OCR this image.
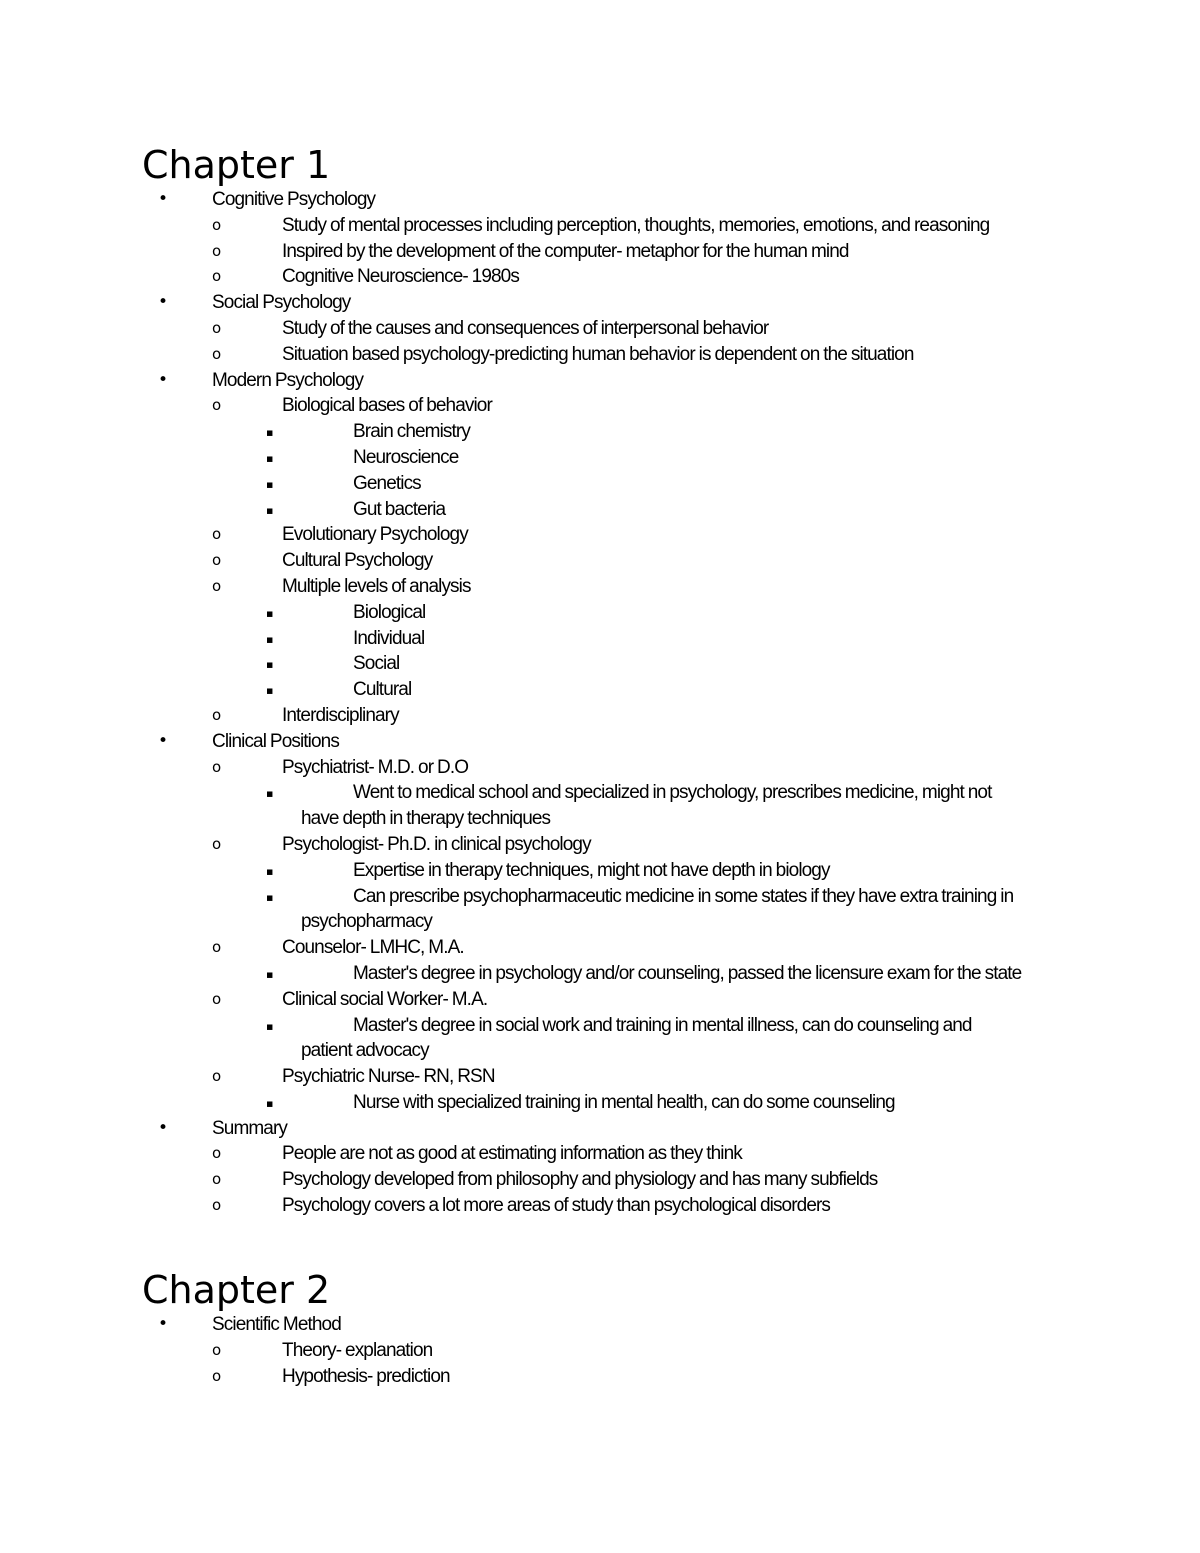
Chapter 1
• Cognitive Psychology
o	Study of mental processes including perception, thoughts, memories, emotions, and reasoning
o	Inspired by the development of the computer- metaphor for the human mind
o	Cognitive Neuroscience- 1980s
• Social Psychology
o	Study of the causes and consequences of interpersonal behavior
o	Situation based psychology-predicting human behavior is dependent on the situation
• Modern Psychology
o	Biological bases of behavior
▪	Brain chemistry
▪	Neuroscience
▪	Genetics
▪	Gut bacteria
o	Evolutionary Psychology
o	Cultural Psychology
o	Multiple levels of analysis
▪	Biological
▪	Individual
▪	Social
▪	Cultural
o	Interdisciplinary
• Clinical Positions
o	Psychiatrist- M.D. or D.O
▪	Went to medical school and specialized in psychology, prescribes medicine, might not
have depth in therapy techniques
o	Psychologist- Ph.D. in clinical psychology
▪	Expertise in therapy techniques, might not have depth in biology
▪	Can prescribe psychopharmaceutic medicine in some states if they have extra training in
psychopharmacy
o	Counselor- LMHC, M.A.
▪	Master's degree in psychology and/or counseling, passed the licensure exam for the state
o	Clinical social Worker- M.A.
▪	Master's degree in social work and training in mental illness, can do counseling and
patient advocacy
o	Psychiatric Nurse- RN, RSN
▪	Nurse with specialized training in mental health, can do some counseling
• Summary
o	People are not as good at estimating information as they think
o	Psychology developed from philosophy and physiology and has many subfields
o	Psychology covers a lot more areas of study than psychological disorders
Chapter 2
• Scientific Method
o	Theory- explanation
o	Hypothesis- prediction
